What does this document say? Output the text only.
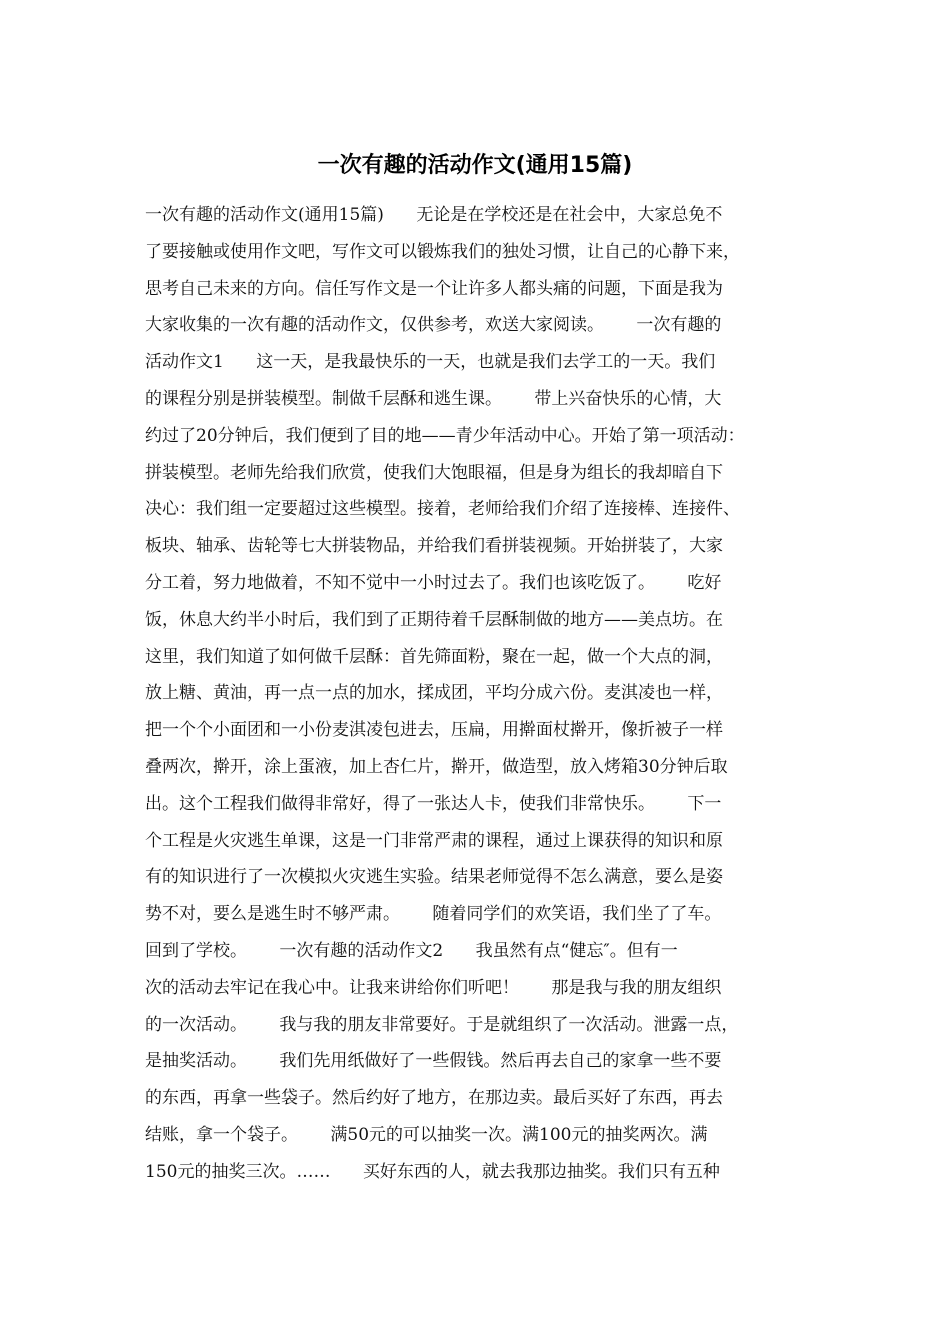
一次有趣的活动作文(通用15篇)
一次有趣的活动作文(通用15篇)      无论是在学校还是在社会中，大家总免不
了要接触或使用作文吧，写作文可以锻炼我们的独处习惯，让自己的心静下来，
思考自己未来的方向。信任写作文是一个让许多人都头痛的问题，下面是我为
大家收集的一次有趣的活动作文，仅供参考，欢送大家阅读。      一次有趣的
活动作文1      这一天，是我最快乐的一天，也就是我们去学工的一天。我们
的课程分别是拼装模型。制做千层酥和逃生课。      带上兴奋快乐的心情，大
约过了20分钟后，我们便到了目的地——青少年活动中心。开始了第一项活动：
拼装模型。老师先给我们欣赏，使我们大饱眼福，但是身为组长的我却暗自下
决心：我们组一定要超过这些模型。接着，老师给我们介绍了连接棒、连接件、
板块、轴承、齿轮等七大拼装物品，并给我们看拼装视频。开始拼装了，大家
分工着，努力地做着，不知不觉中一小时过去了。我们也该吃饭了。      吃好
饭，休息大约半小时后，我们到了正期待着千层酥制做的地方——美点坊。在
这里，我们知道了如何做千层酥：首先筛面粉，聚在一起，做一个大点的洞，
放上糖、黄油，再一点一点的加水，揉成团，平均分成六份。麦淇凌也一样，
把一个个小面团和一小份麦淇凌包进去，压扁，用擀面杖擀开，像折被子一样
叠两次，擀开，涂上蛋液，加上杏仁片，擀开，做造型，放入烤箱30分钟后取
出。这个工程我们做得非常好，得了一张达人卡，使我们非常快乐。      下一
个工程是火灾逃生单课，这是一门非常严肃的课程，通过上课获得的知识和原
有的知识进行了一次模拟火灾逃生实验。结果老师觉得不怎么满意，要么是姿
势不对，要么是逃生时不够严肃。      随着同学们的欢笑语，我们坐了了车。
回到了学校。      一次有趣的活动作文2      我虽然有点“健忘″。但有一
次的活动去牢记在我心中。让我来讲给你们听吧！      那是我与我的朋友组织
的一次活动。      我与我的朋友非常要好。于是就组织了一次活动。泄露一点，
是抽奖活动。      我们先用纸做好了一些假钱。然后再去自己的家拿一些不要
的东西，再拿一些袋子。然后约好了地方，在那边卖。最后买好了东西，再去
结账，拿一个袋子。      满50元的可以抽奖一次。满100元的抽奖两次。满
150元的抽奖三次。……      买好东西的人，就去我那边抽奖。我们只有五种
